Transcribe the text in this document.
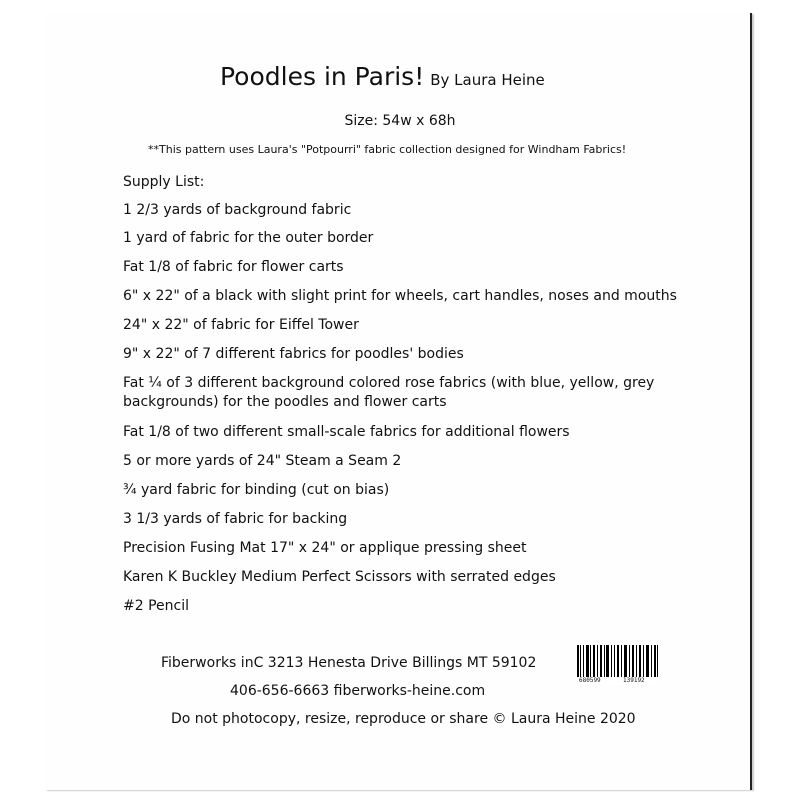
Poodles in Paris! By Laura Heine
Size: 54w x 68h
**This pattern uses Laura's "Potpourri" fabric collection designed for Windham Fabrics!
Supply List:
1 2/3 yards of background fabric
1 yard of fabric for the outer border
Fat 1/8 of fabric for flower carts
6" x 22" of a black with slight print for wheels, cart handles, noses and mouths
24" x 22" of fabric for Eiffel Tower
9" x 22" of 7 different fabrics for poodles' bodies
Fat ¼ of 3 different background colored rose fabrics (with blue, yellow, grey
backgrounds) for the poodles and flower carts
Fat 1/8 of two different small-scale fabrics for additional flowers
5 or more yards of 24" Steam a Seam 2
¾ yard fabric for binding (cut on bias)
3 1/3 yards of fabric for backing
Precision Fusing Mat 17" x 24" or applique pressing sheet
Karen K Buckley Medium Perfect Scissors with serrated edges
#2 Pencil
Fiberworks inC 3213 Henesta Drive Billings MT 59102
406-656-6663 fiberworks-heine.com
Do not photocopy, resize, reproduce or share © Laura Heine 2020
680599	139192
